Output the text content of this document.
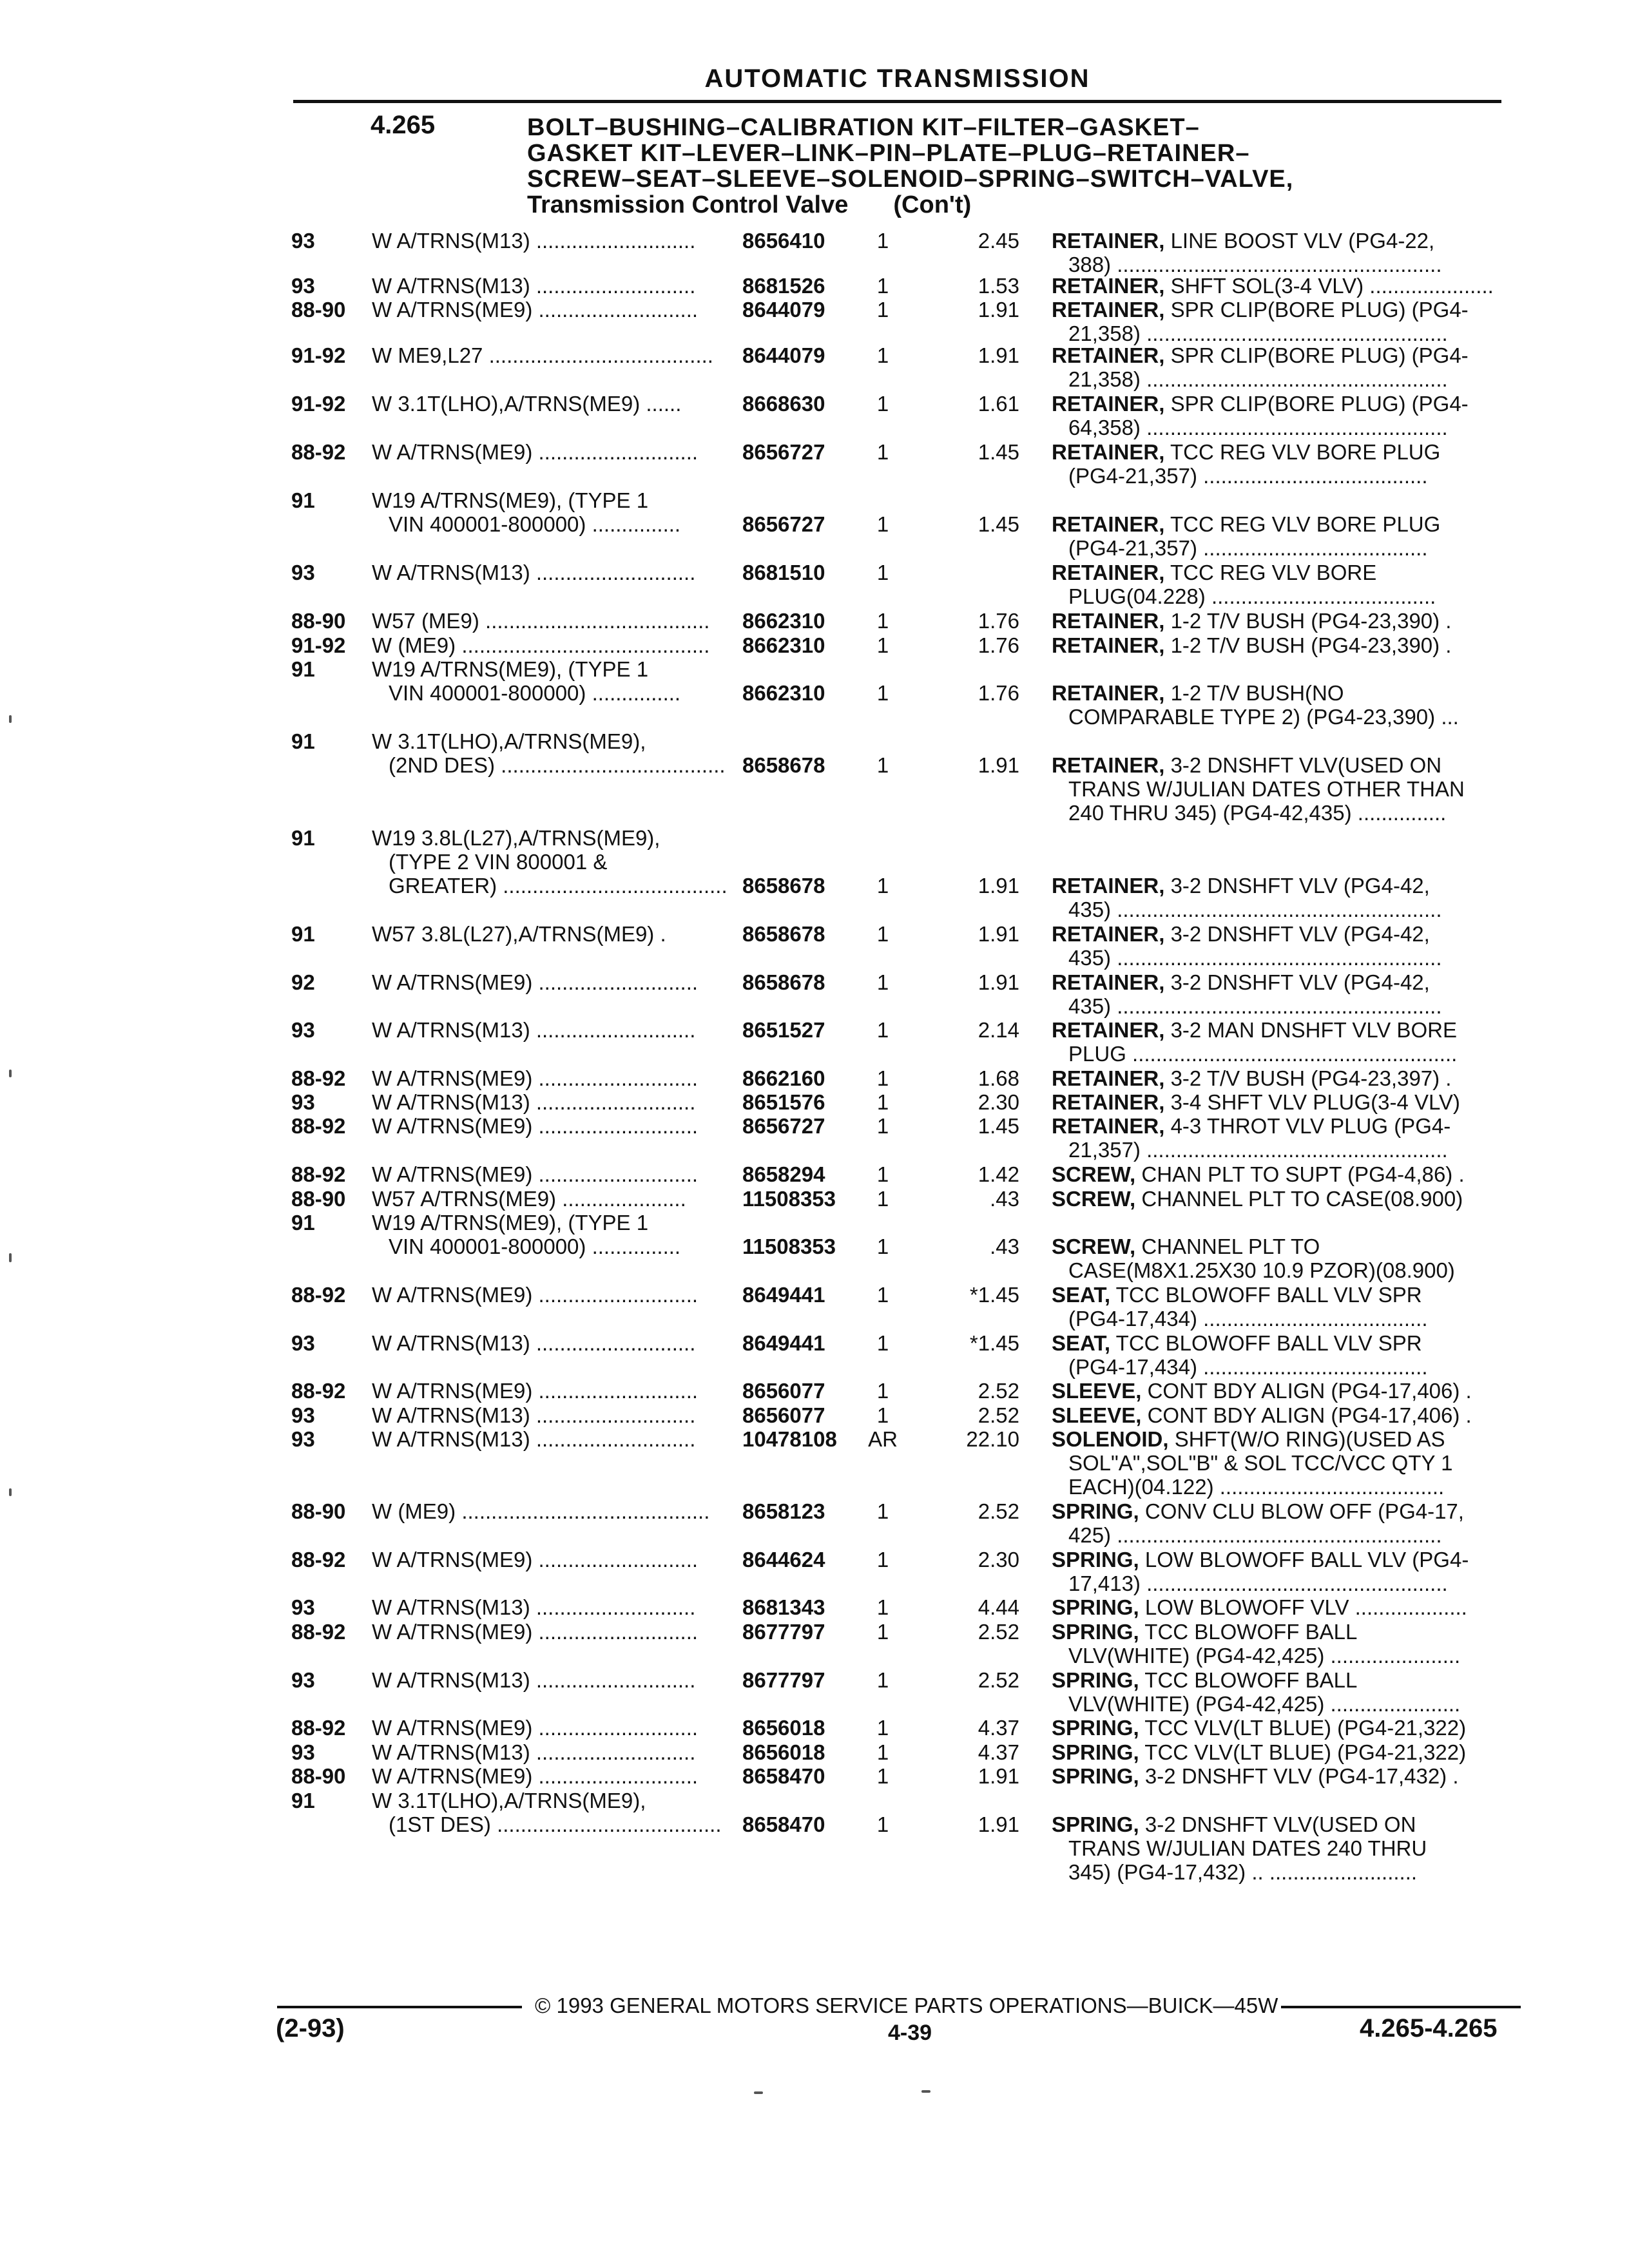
AUTOMATIC TRANSMISSION
4.265	BOLT–BUSHING–CALIBRATION KIT–FILTER–GASKET–
GASKET KIT–LEVER–LINK–PIN–PLATE–PLUG–RETAINER–
SCREW–SEAT–SLEEVE–SOLENOID–SPRING–SWITCH–VALVE,
Transmission Control Valve (Con't)
93	W A/TRNS(M13) ...........................	8656410	1	2.45 RETAINER, LINE BOOST VLV (PG4-22,
388) .......................................................
93	W A/TRNS(M13) ...........................	8681526	1	1.53 RETAINER, SHFT SOL(3-4 VLV) .....................
88-90 W A/TRNS(ME9) ...........................	8644079	1	1.91 RETAINER, SPR CLIP(BORE PLUG) (PG4-
21,358) ...................................................
91-92 W ME9,L27 ......................................	8644079	1	1.91 RETAINER, SPR CLIP(BORE PLUG) (PG4-
21,358) ...................................................
91-92 W 3.1T(LHO),A/TRNS(ME9) ......	8668630	1	1.61 RETAINER, SPR CLIP(BORE PLUG) (PG4-
64,358) ...................................................
88-92 W A/TRNS(ME9) ...........................	8656727	1	1.45 RETAINER, TCC REG VLV BORE PLUG
(PG4-21,357) ......................................
91	W19 A/TRNS(ME9), (TYPE 1
VIN 400001-800000) ...............	8656727	1	1.45 RETAINER, TCC REG VLV BORE PLUG
(PG4-21,357) ......................................
93	W A/TRNS(M13) ...........................	8681510	1	RETAINER, TCC REG VLV BORE
PLUG(04.228) ......................................
88-90 W57 (ME9) ......................................	8662310	1	1.76 RETAINER, 1-2 T/V BUSH (PG4-23,390) .
91-92 W (ME9) ..........................................	8662310	1	1.76 RETAINER, 1-2 T/V BUSH (PG4-23,390) .
91	W19 A/TRNS(ME9), (TYPE 1
VIN 400001-800000) ...............	8662310	1	1.76 RETAINER, 1-2 T/V BUSH(NO
COMPARABLE TYPE 2) (PG4-23,390) ...
91	W 3.1T(LHO),A/TRNS(ME9),
(2ND DES) ...................................... 8658678	1	1.91 RETAINER, 3-2 DNSHFT VLV(USED ON
TRANS W/JULIAN DATES OTHER THAN
240 THRU 345) (PG4-42,435) ...............
91	W19 3.8L(L27),A/TRNS(ME9),
(TYPE 2 VIN 800001 &
GREATER) ...................................... 8658678	1	1.91 RETAINER, 3-2 DNSHFT VLV (PG4-42,
435) .......................................................
91	W57 3.8L(L27),A/TRNS(ME9) .	8658678	1	1.91 RETAINER, 3-2 DNSHFT VLV (PG4-42,
435) .......................................................
92	W A/TRNS(ME9) ...........................	8658678	1	1.91 RETAINER, 3-2 DNSHFT VLV (PG4-42,
435) .......................................................
93	W A/TRNS(M13) ...........................	8651527	1	2.14 RETAINER, 3-2 MAN DNSHFT VLV BORE
PLUG .......................................................
88-92 W A/TRNS(ME9) ...........................	8662160	1	1.68 RETAINER, 3-2 T/V BUSH (PG4-23,397) .
93	W A/TRNS(M13) ...........................	8651576	1	2.30 RETAINER, 3-4 SHFT VLV PLUG(3-4 VLV)
88-92 W A/TRNS(ME9) ...........................	8656727	1	1.45 RETAINER, 4-3 THROT VLV PLUG (PG4-
21,357) ...................................................
88-92 W A/TRNS(ME9) ...........................	8658294	1	1.42 SCREW, CHAN PLT TO SUPT (PG4-4,86) .
88-90 W57 A/TRNS(ME9) .....................	11508353	1	.43 SCREW, CHANNEL PLT TO CASE(08.900)
91	W19 A/TRNS(ME9), (TYPE 1
VIN 400001-800000) ...............	11508353	1	.43 SCREW, CHANNEL PLT TO
CASE(M8X1.25X30 10.9 PZOR)(08.900)
88-92 W A/TRNS(ME9) ...........................	8649441	1	*1.45 SEAT, TCC BLOWOFF BALL VLV SPR
(PG4-17,434) ......................................
93	W A/TRNS(M13) ...........................	8649441	1	*1.45 SEAT, TCC BLOWOFF BALL VLV SPR
(PG4-17,434) ......................................
88-92 W A/TRNS(ME9) ...........................	8656077	1	2.52 SLEEVE, CONT BDY ALIGN (PG4-17,406) .
93	W A/TRNS(M13) ...........................	8656077	1	2.52 SLEEVE, CONT BDY ALIGN (PG4-17,406) .
93	W A/TRNS(M13) ...........................	10478108 AR	22.10 SOLENOID, SHFT(W/O RING)(USED AS
SOL"A",SOL"B" & SOL TCC/VCC QTY 1
EACH)(04.122) ......................................
88-90 W (ME9) ..........................................	8658123	1	2.52 SPRING, CONV CLU BLOW OFF (PG4-17,
425) .......................................................
88-92 W A/TRNS(ME9) ...........................	8644624	1	2.30 SPRING, LOW BLOWOFF BALL VLV (PG4-
17,413) ...................................................
93	W A/TRNS(M13) ...........................	8681343	1	4.44 SPRING, LOW BLOWOFF VLV ...................
88-92 W A/TRNS(ME9) ...........................	8677797	1	2.52 SPRING, TCC BLOWOFF BALL
VLV(WHITE) (PG4-42,425) ......................
93	W A/TRNS(M13) ...........................	8677797	1	2.52 SPRING, TCC BLOWOFF BALL
VLV(WHITE) (PG4-42,425) ......................
88-92 W A/TRNS(ME9) ...........................	8656018	1	4.37 SPRING, TCC VLV(LT BLUE) (PG4-21,322)
93	W A/TRNS(M13) ...........................	8656018	1	4.37 SPRING, TCC VLV(LT BLUE) (PG4-21,322)
88-90 W A/TRNS(ME9) ...........................	8658470	1	1.91 SPRING, 3-2 DNSHFT VLV (PG4-17,432) .
91	W 3.1T(LHO),A/TRNS(ME9),
(1ST DES) ...................................... 8658470	1	1.91 SPRING, 3-2 DNSHFT VLV(USED ON
TRANS W/JULIAN DATES 240 THRU
345) (PG4-17,432) .. .........................
© 1993 GENERAL MOTORS SERVICE PARTS OPERATIONS—BUICK—45W
(2-93)	4-39	4.265-4.265
